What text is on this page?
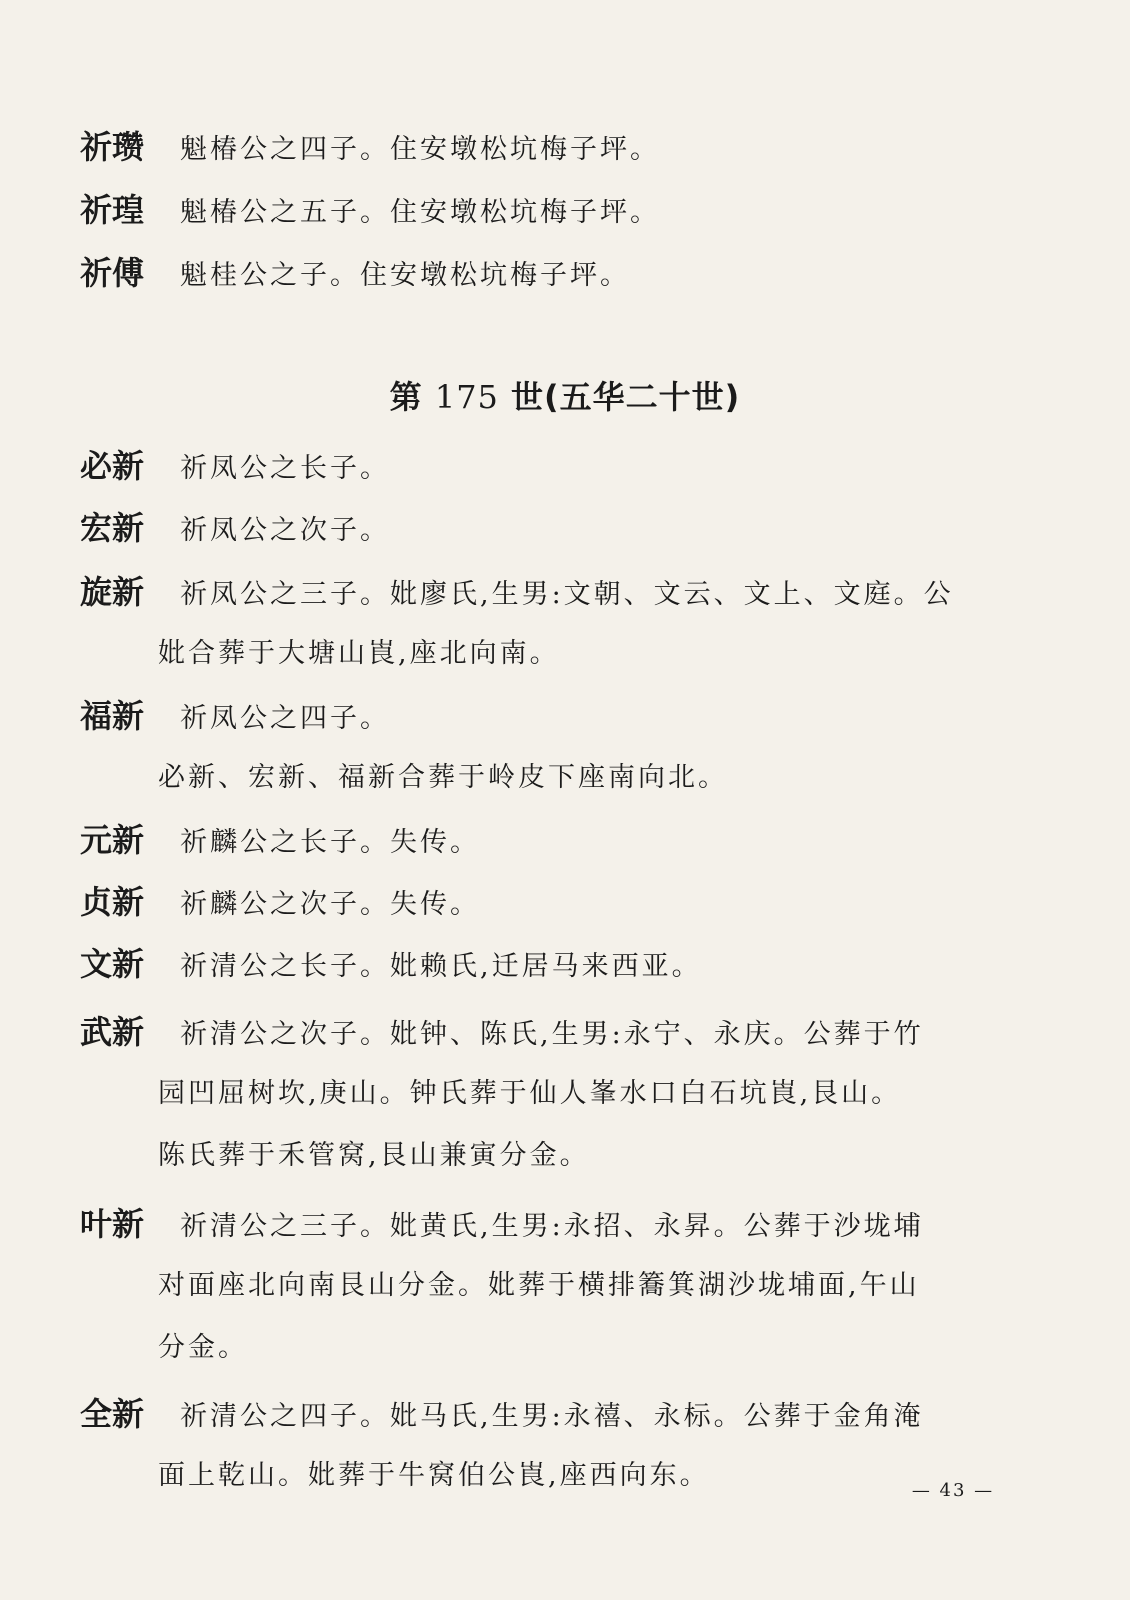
祈瓒 魁椿公之四子。住安墩松坑梅子坪。
祈瑝 魁椿公之五子。住安墩松坑梅子坪。
祈傅 魁桂公之子。住安墩松坑梅子坪。
第 175 世(五华二十世)
必新 祈凤公之长子。
宏新 祈凤公之次子。
旋新 祈凤公之三子。妣廖氏,生男:文朝、文云、文上、文庭。公
妣合葬于大塘山崀,座北向南。
福新 祈凤公之四子。
必新、宏新、福新合葬于岭皮下座南向北。
元新 祈麟公之长子。失传。
贞新 祈麟公之次子。失传。
文新 祈清公之长子。妣赖氏,迁居马来西亚。
武新 祈清公之次子。妣钟、陈氏,生男:永宁、永庆。公葬于竹
园凹屈树坎,庚山。钟氏葬于仙人峯水口白石坑崀,艮山。
陈氏葬于禾管窝,艮山兼寅分金。
叶新 祈清公之三子。妣黄氏,生男:永招、永昇。公葬于沙垅埔
对面座北向南艮山分金。妣葬于横排簥箕湖沙垅埔面,午山
分金。
全新 祈清公之四子。妣马氏,生男:永禧、永标。公葬于金角淹
面上乾山。妣葬于牛窝伯公崀,座西向东。	— 43 —
